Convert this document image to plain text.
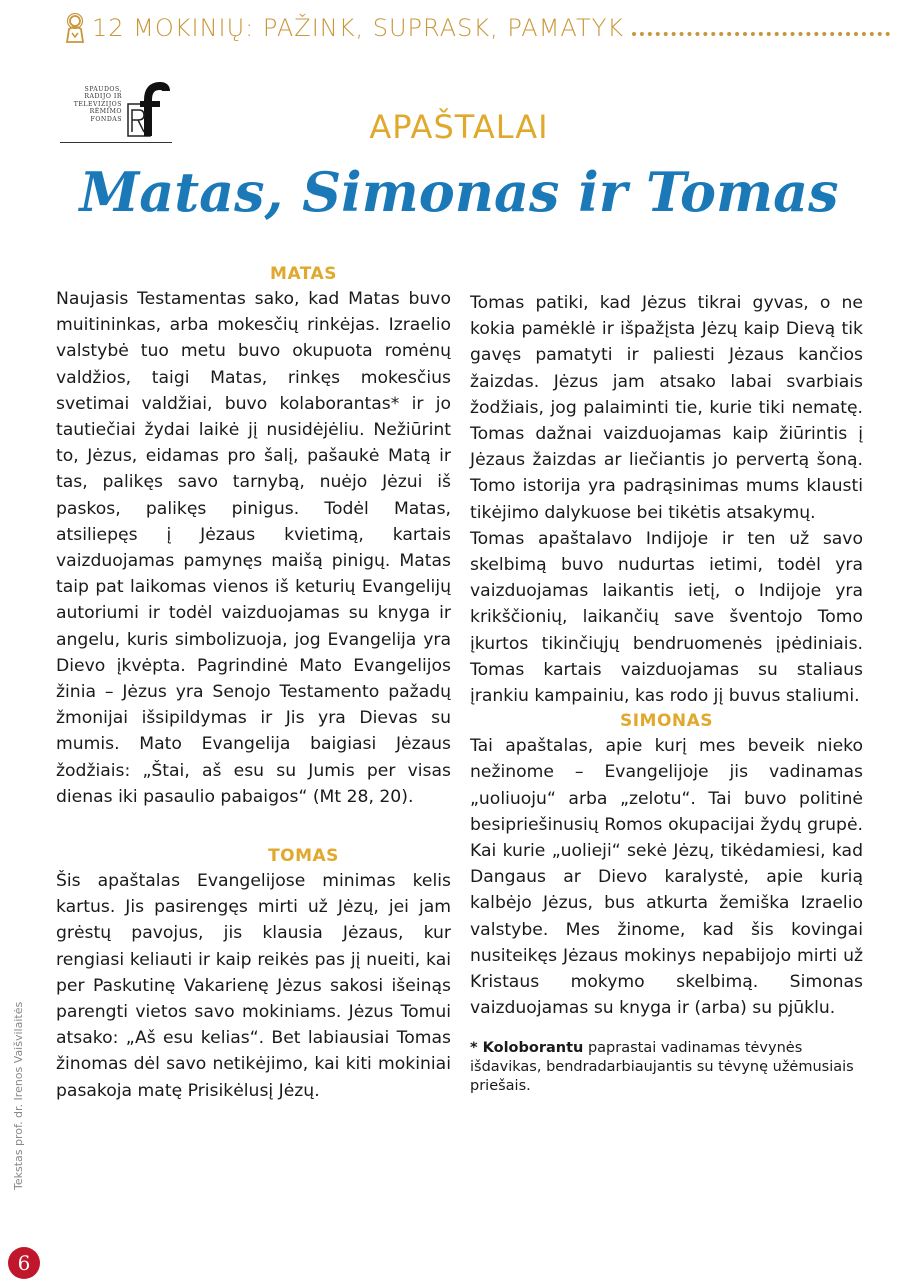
12 MOKINIŲ: PAŽINK, SUPRASK, PAMATYK
SPAUDOS,
RADIJO IR
TELEVIZIJOS
RĖMIMO
FONDAS	APAŠTALAI
Matas, Simonas ir Tomas
MATAS

Naujasis Testamentas sako, kad Matas buvo muitininkas, arba mokesčių rinkėjas. Izraelio valstybė tuo metu buvo okupuota romėnų valdžios, taigi Matas, rinkęs mokesčius svetimai valdžiai, buvo kolaborantas* ir jo tautiečiai žydai laikė jį nusidėjėliu. Nežiūrint to, Jėzus, eidamas pro šalį, pašaukė Matą ir tas, palikęs savo tarnybą, nuėjo Jėzui iš paskos, palikęs pinigus. Todėl Matas, atsiliepęs į Jėzaus kvietimą, kartais vaizduojamas pamynęs maišą pinigų. Matas taip pat laikomas vienos iš keturių Evangelijų autoriumi ir todėl vaizduojamas su knyga ir angelu, kuris simbolizuoja, jog Evangelija yra Dievo įkvėpta. Pagrindinė Mato Evangelijos žinia – Jėzus yra Senojo Testamento pažadų žmonijai išsipildymas ir Jis yra Dievas su mumis. Mato Evangelija baigiasi Jėzaus žodžiais: „Štai, aš esu su Jumis per visas dienas iki pasaulio pabaigos“ (Mt 28, 20).

TOMAS

Šis apaštalas Evangelijose minimas kelis kartus. Jis pasirengęs mirti už Jėzų, jei jam grėstų pavojus, jis klausia Jėzaus, kur rengiasi keliauti ir kaip reikės pas jį nueiti, kai per Paskutinę Vakarienę Jėzus sakosi išeinąs parengti vietos savo mokiniams. Jėzus Tomui atsako: „Aš esu kelias“. Bet labiausiai Tomas žinomas dėl savo netikėjimo, kai kiti mokiniai pasakoja matę Prisikėlusį Jėzų.

Tomas patiki, kad Jėzus tikrai gyvas, o ne kokia pamėklė ir išpažįsta Jėzų kaip Dievą tik gavęs pamatyti ir paliesti Jėzaus kančios žaizdas. Jėzus jam atsako labai svarbiais žodžiais, jog palaiminti tie, kurie tiki nematę. Tomas dažnai vaizduojamas kaip žiūrintis į Jėzaus žaizdas ar liečiantis jo pervertą šoną. Tomo istorija yra padrąsinimas mums klausti tikėjimo dalykuose bei tikėtis atsakymų.

Tomas apaštalavo Indijoje ir ten už savo skelbimą buvo nudurtas ietimi, todėl yra vaizduojamas laikantis ietį, o Indijoje yra krikščionių, laikančių save šventojo Tomo įkurtos tikinčiųjų bendruomenės įpėdiniais. Tomas kartais vaizduojamas su staliaus įrankiu kampainiu, kas rodo jį buvus staliumi.

SIMONAS

Tai apaštalas, apie kurį mes beveik nieko nežinome – Evangelijoje jis vadinamas „uoliuoju“ arba „zelotu“. Tai buvo politinė besipriešinusių Romos okupacijai žydų grupė. Kai kurie „uolieji“ sekė Jėzų, tikėdamiesi, kad Dangaus ar Dievo karalystė, apie kurią kalbėjo Jėzus, bus atkurta žemiška Izraelio valstybe. Mes žinome, kad šis kovingai nusiteikęs Jėzaus mokinys nepabijojo mirti už Kristaus mokymo skelbimą. Simonas vaizduojamas su knyga ir (arba) su pjūklu.

* Koloborantu paprastai vadinamas tėvynės išdavikas, bendradarbiaujantis su tėvynę užėmusiais priešais.
Tekstas prof. dr. Irenos Vaišvilaitės
6
